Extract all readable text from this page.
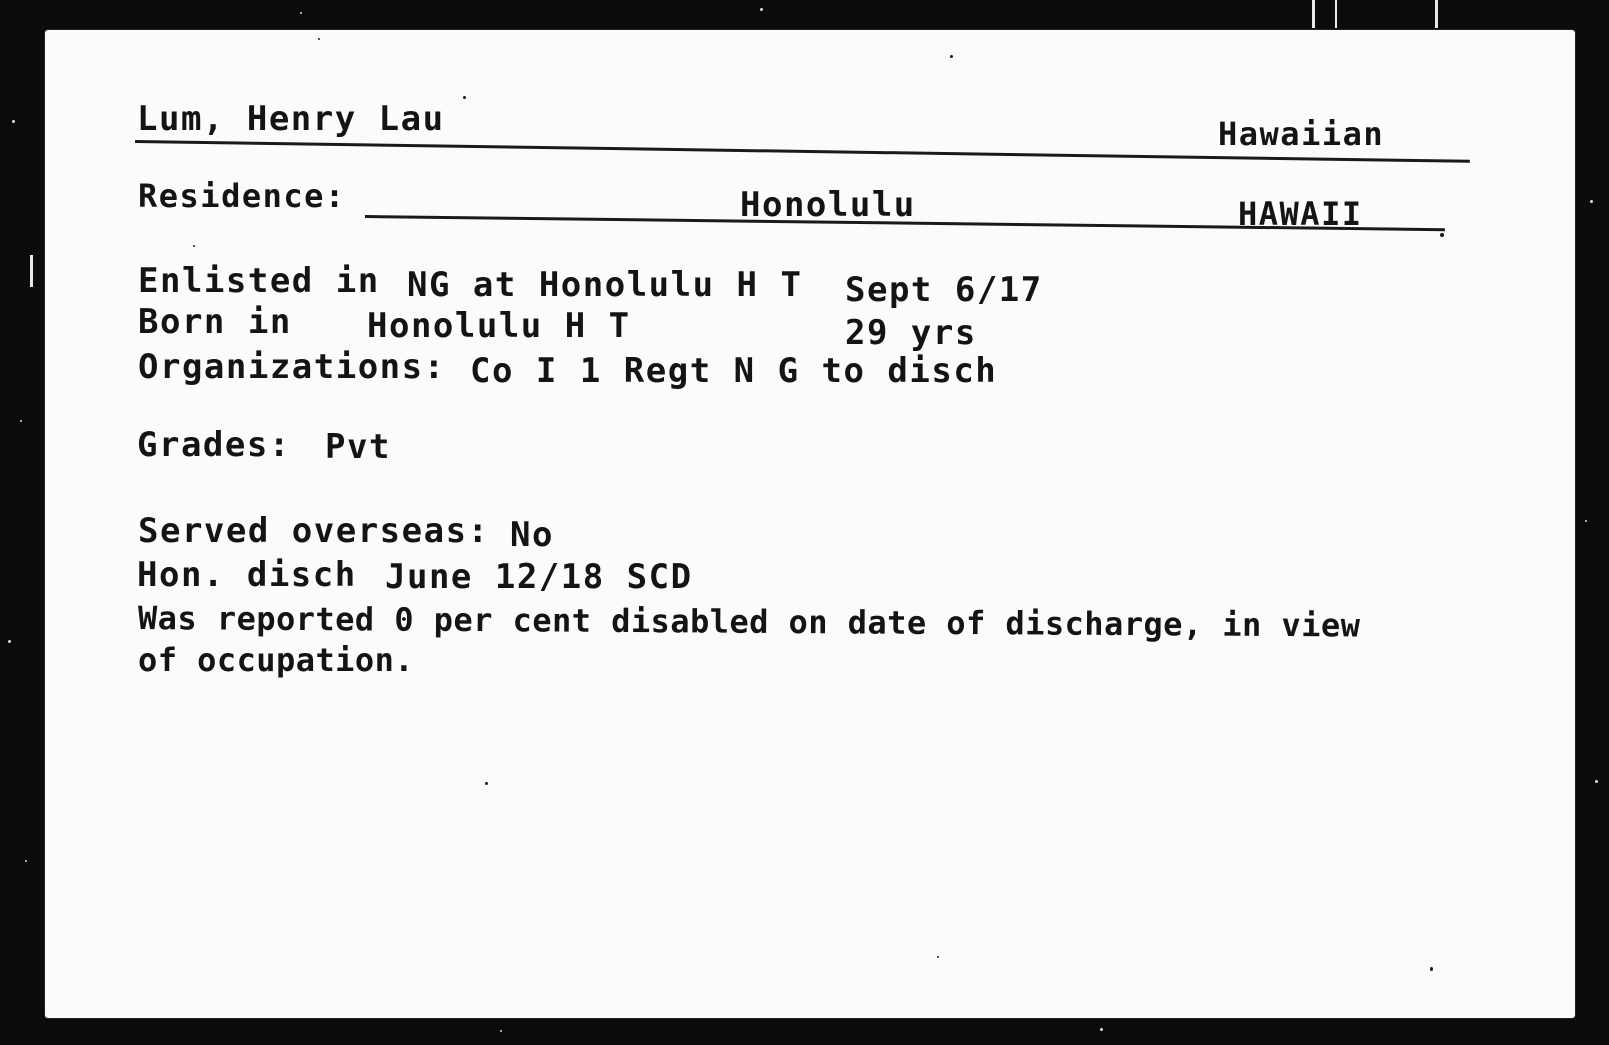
Lum, Henry Lau	Hawaiian
Residence:	Honolulu	HAWAII
Enlisted in NG at Honolulu H T Sept 6/17
Born in Honolulu H T	29 yrs
Organizations: Co I 1 Regt N G to disch
Grades: Pvt
Served overseas: No
Hon. disch June 12/18 SCD
Was reported 0 per cent disabled on date of discharge, in view
of occupation.
